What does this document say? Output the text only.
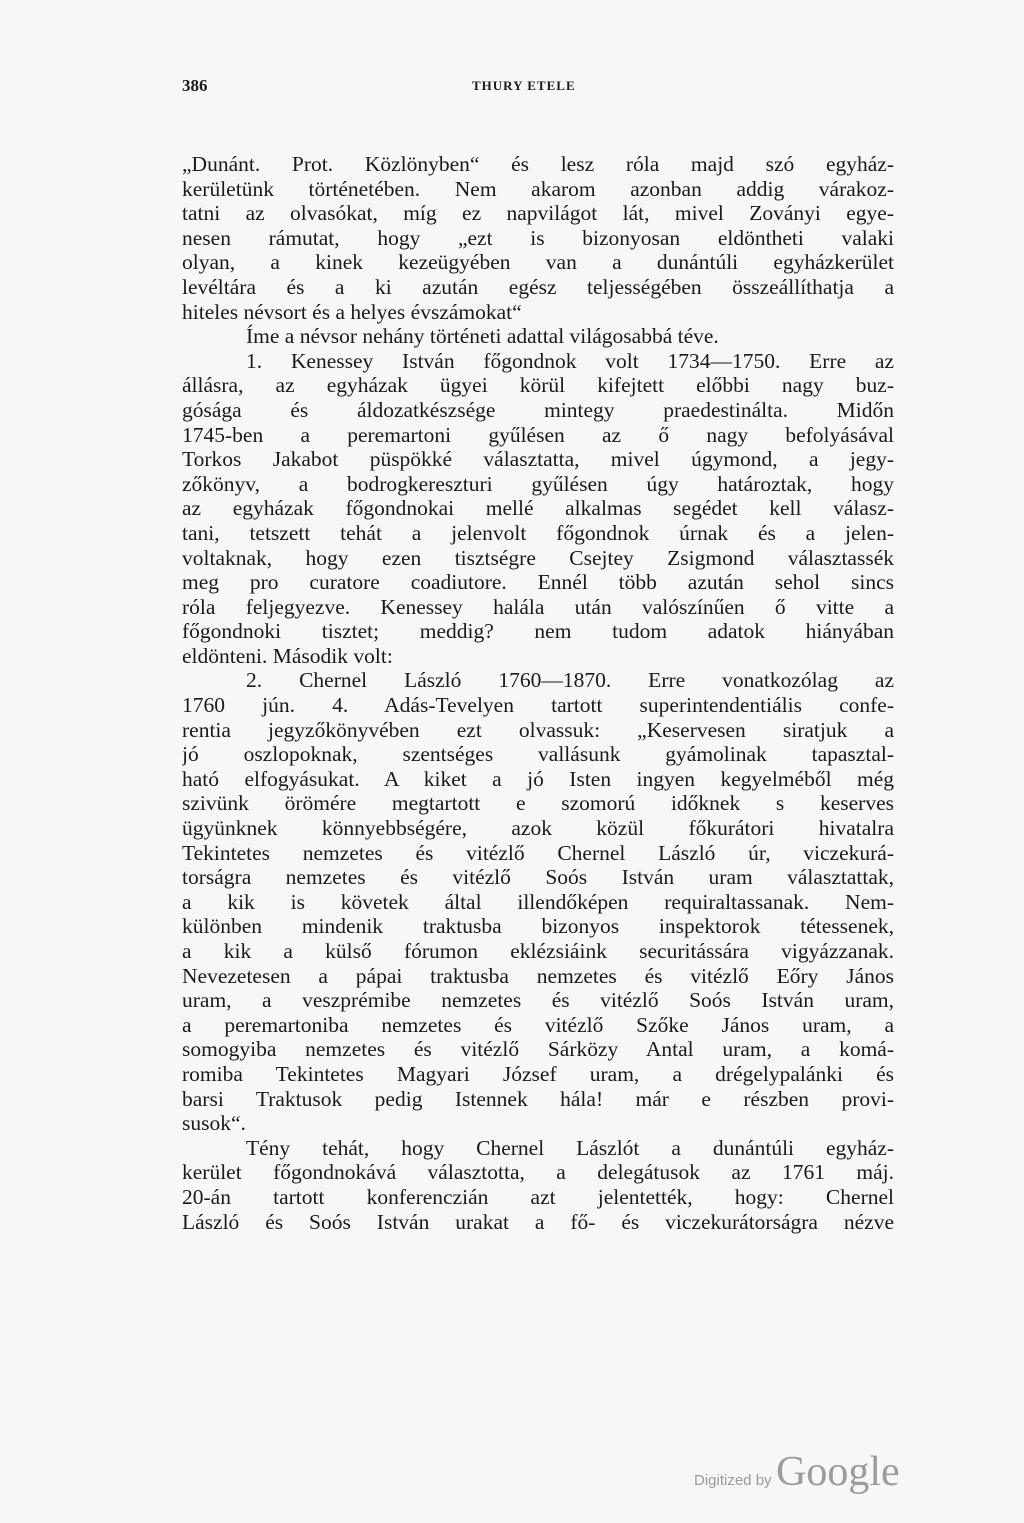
386	THURY ETELE
„Dunánt. Prot. Közlönyben“ és lesz róla majd szó egyház-
kerületünk történetében. Nem akarom azonban addig várakoz-
tatni az olvasókat, míg ez napvilágot lát, mivel Zoványi egye-
nesen rámutat, hogy „ezt is bizonyosan eldöntheti valaki
olyan, a kinek kezeügyében van a dunántúli egyházkerület
levéltára és a ki azután egész teljességében összeállíthatja a
hiteles névsort és a helyes évszámokat“
Íme a névsor nehány történeti adattal világosabbá téve.
1. Kenessey István főgondnok volt 1734—1750. Erre az
állásra, az egyházak ügyei körül kifejtett előbbi nagy buz-
gósága és áldozatkészsége mintegy praedestinálta. Midőn
1745-ben a peremartoni gyűlésen az ő nagy befolyásával
Torkos Jakabot püspökké választatta, mivel úgymond, a jegy-
zőkönyv, a bodrogkereszturi gyűlésen úgy határoztak, hogy
az egyházak főgondnokai mellé alkalmas segédet kell válasz-
tani, tetszett tehát a jelenvolt főgondnok úrnak és a jelen-
voltaknak, hogy ezen tisztségre Csejtey Zsigmond választassék
meg pro curatore coadiutore. Ennél több azután sehol sincs
róla feljegyezve. Kenessey halála után valószínűen ő vitte a
főgondnoki tisztet; meddig? nem tudom adatok hiányában
eldönteni. Második volt:
2. Chernel László 1760—1870. Erre vonatkozólag az
1760 jún. 4. Adás-Tevelyen tartott superintendentiális confe-
rentia jegyzőkönyvében ezt olvassuk: „Keservesen siratjuk a
jó oszlopoknak, szentséges vallásunk gyámolinak tapasztal-
ható elfogyásukat. A kiket a jó Isten ingyen kegyelméből még
szivünk örömére megtartott e szomorú időknek s keserves
ügyünknek könnyebbségére, azok közül főkurátori hivatalra
Tekintetes nemzetes és vitézlő Chernel László úr, viczekurá-
torságra nemzetes és vitézlő Soós István uram választattak,
a kik is követek által illendőképen requiraltassanak. Nem-
különben mindenik traktusba bizonyos inspektorok tétessenek,
a kik a külső fórumon eklézsiáink securitássára vigyázzanak.
Nevezetesen a pápai traktusba nemzetes és vitézlő Eőry János
uram, a veszprémibe nemzetes és vitézlő Soós István uram,
a peremartoniba nemzetes és vitézlő Szőke János uram, a
somogyiba nemzetes és vitézlő Sárközy Antal uram, a komá-
romiba Tekintetes Magyari József uram, a drégelypalánki és
barsi Traktusok pedig Istennek hála! már e részben provi-
susok“.
Tény tehát, hogy Chernel Lászlót a dunántúli egyház-
kerület főgondnokává választotta, a delegátusok az 1761 máj.
20-án tartott konferenczián azt jelentették, hogy: Chernel
László és Soós István urakat a fő- és viczekurátorságra nézve
Digitized by Google
